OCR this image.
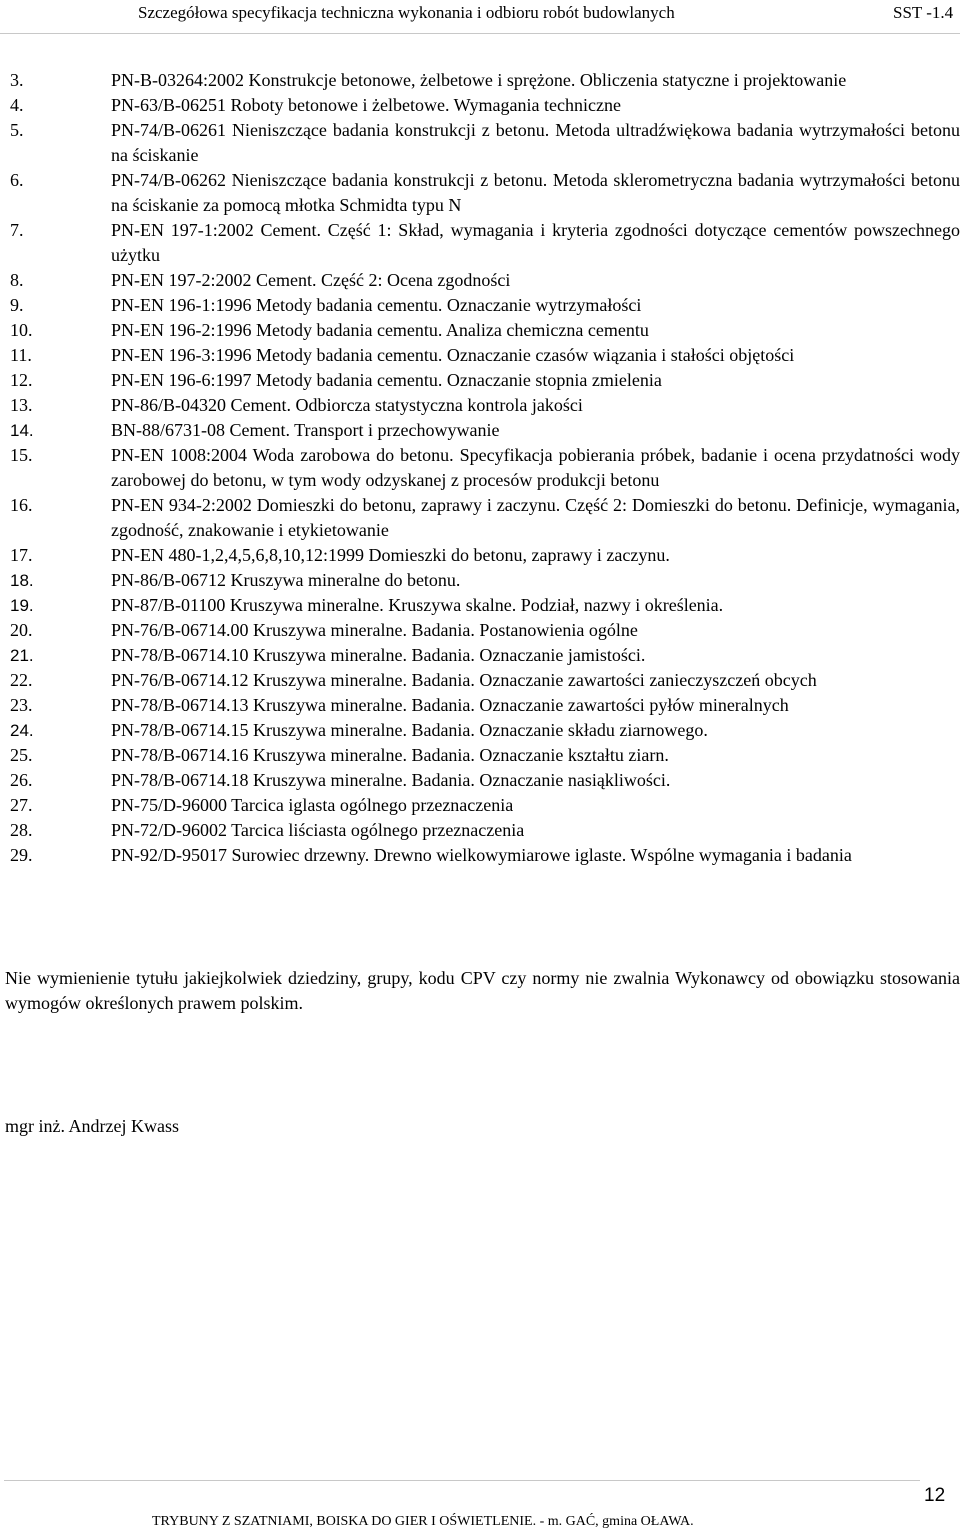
Szczegółowa specyfikacja techniczna wykonania i odbioru robót budowlanych	SST -1.4
3.	PN-B-03264:2002 Konstrukcje betonowe, żelbetowe i sprężone. Obliczenia statyczne i projektowanie
4.	PN-63/B-06251 Roboty betonowe i żelbetowe. Wymagania techniczne
5.	PN-74/B-06261 Nieniszczące badania konstrukcji z betonu. Metoda ultradźwiękowa badania wytrzymałości betonu na ściskanie
6.	PN-74/B-06262 Nieniszczące badania konstrukcji z betonu. Metoda sklerometryczna badania wytrzymałości betonu na ściskanie za pomocą młotka Schmidta typu N
7.	PN-EN 197-1:2002 Cement. Część 1: Skład, wymagania i kryteria zgodności dotyczące cementów powszechnego użytku
8.	PN-EN 197-2:2002 Cement. Część 2: Ocena zgodności
9.	PN-EN 196-1:1996 Metody badania cementu. Oznaczanie wytrzymałości
10.	PN-EN 196-2:1996 Metody badania cementu. Analiza chemiczna cementu
11.	PN-EN 196-3:1996 Metody badania cementu. Oznaczanie czasów wiązania i stałości objętości
12.	PN-EN 196-6:1997 Metody badania cementu. Oznaczanie stopnia zmielenia
13.	PN-86/B-04320 Cement. Odbiorcza statystyczna kontrola jakości
14.	BN-88/6731-08 Cement. Transport i przechowywanie
15.	PN-EN 1008:2004 Woda zarobowa do betonu. Specyfikacja pobierania próbek, badanie i ocena przydatności wody zarobowej do betonu, w tym wody odzyskanej z procesów produkcji betonu
16.	PN-EN 934-2:2002 Domieszki do betonu, zaprawy i zaczynu. Część 2: Domieszki do betonu. Definicje, wymagania, zgodność, znakowanie i etykietowanie
17.	PN-EN 480-1,2,4,5,6,8,10,12:1999 Domieszki do betonu, zaprawy i zaczynu.
18.	PN-86/B-06712 Kruszywa mineralne do betonu.
19.	PN-87/B-01100 Kruszywa mineralne. Kruszywa skalne. Podział, nazwy i określenia.
20.	PN-76/B-06714.00 Kruszywa mineralne. Badania. Postanowienia ogólne
21.	PN-78/B-06714.10 Kruszywa mineralne. Badania. Oznaczanie jamistości.
22.	PN-76/B-06714.12 Kruszywa mineralne. Badania. Oznaczanie zawartości zanieczyszczeń obcych
23.	PN-78/B-06714.13 Kruszywa mineralne. Badania. Oznaczanie zawartości pyłów mineralnych
24.	PN-78/B-06714.15 Kruszywa mineralne. Badania. Oznaczanie składu ziarnowego.
25.	PN-78/B-06714.16 Kruszywa mineralne. Badania. Oznaczanie kształtu ziarn.
26.	PN-78/B-06714.18 Kruszywa mineralne. Badania. Oznaczanie nasiąkliwości.
27.	PN-75/D-96000 Tarcica iglasta ogólnego przeznaczenia
28.	PN-72/D-96002 Tarcica liściasta ogólnego przeznaczenia
29.	PN-92/D-95017 Surowiec drzewny. Drewno wielkowymiarowe iglaste. Wspólne wymagania i badania
Nie wymienienie tytułu jakiejkolwiek dziedziny, grupy, kodu CPV czy normy nie zwalnia Wykonawcy od obowiązku stosowania wymogów określonych prawem polskim.
mgr inż. Andrzej Kwass
12
TRYBUNY Z SZATNIAMI, BOISKA DO GIER I OŚWIETLENIE. - m. GAĆ, gmina OŁAWA.
